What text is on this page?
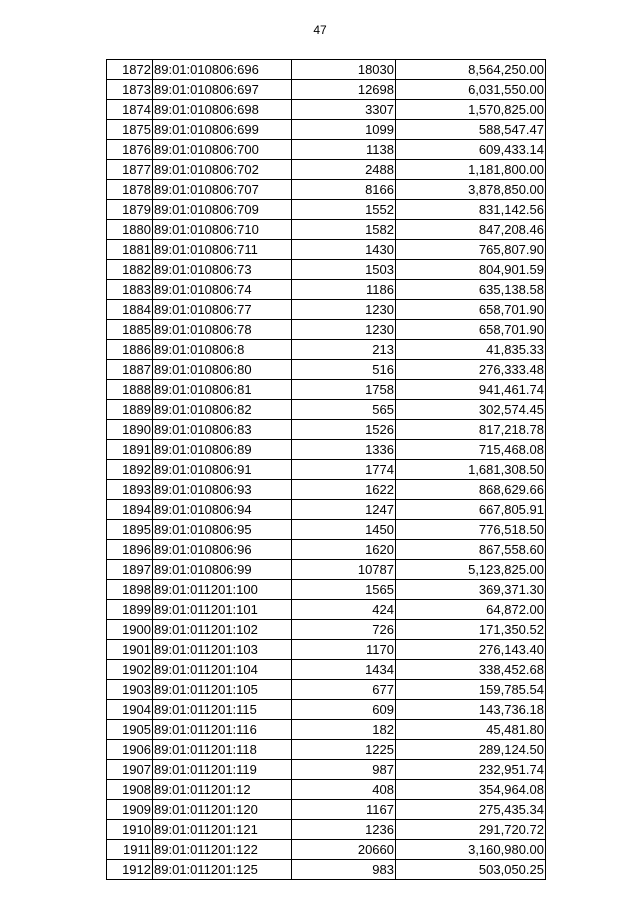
47
1872	89:01:010806:696	18030	8,564,250.00
1873	89:01:010806:697	12698	6,031,550.00
1874	89:01:010806:698	3307	1,570,825.00
1875	89:01:010806:699	1099	588,547.47
1876	89:01:010806:700	1138	609,433.14
1877	89:01:010806:702	2488	1,181,800.00
1878	89:01:010806:707	8166	3,878,850.00
1879	89:01:010806:709	1552	831,142.56
1880	89:01:010806:710	1582	847,208.46
1881	89:01:010806:711	1430	765,807.90
1882	89:01:010806:73	1503	804,901.59
1883	89:01:010806:74	1186	635,138.58
1884	89:01:010806:77	1230	658,701.90
1885	89:01:010806:78	1230	658,701.90
1886	89:01:010806:8	213	41,835.33
1887	89:01:010806:80	516	276,333.48
1888	89:01:010806:81	1758	941,461.74
1889	89:01:010806:82	565	302,574.45
1890	89:01:010806:83	1526	817,218.78
1891	89:01:010806:89	1336	715,468.08
1892	89:01:010806:91	1774	1,681,308.50
1893	89:01:010806:93	1622	868,629.66
1894	89:01:010806:94	1247	667,805.91
1895	89:01:010806:95	1450	776,518.50
1896	89:01:010806:96	1620	867,558.60
1897	89:01:010806:99	10787	5,123,825.00
1898	89:01:011201:100	1565	369,371.30
1899	89:01:011201:101	424	64,872.00
1900	89:01:011201:102	726	171,350.52
1901	89:01:011201:103	1170	276,143.40
1902	89:01:011201:104	1434	338,452.68
1903	89:01:011201:105	677	159,785.54
1904	89:01:011201:115	609	143,736.18
1905	89:01:011201:116	182	45,481.80
1906	89:01:011201:118	1225	289,124.50
1907	89:01:011201:119	987	232,951.74
1908	89:01:011201:12	408	354,964.08
1909	89:01:011201:120	1167	275,435.34
1910	89:01:011201:121	1236	291,720.72
1911	89:01:011201:122	20660	3,160,980.00
1912	89:01:011201:125	983	503,050.25
